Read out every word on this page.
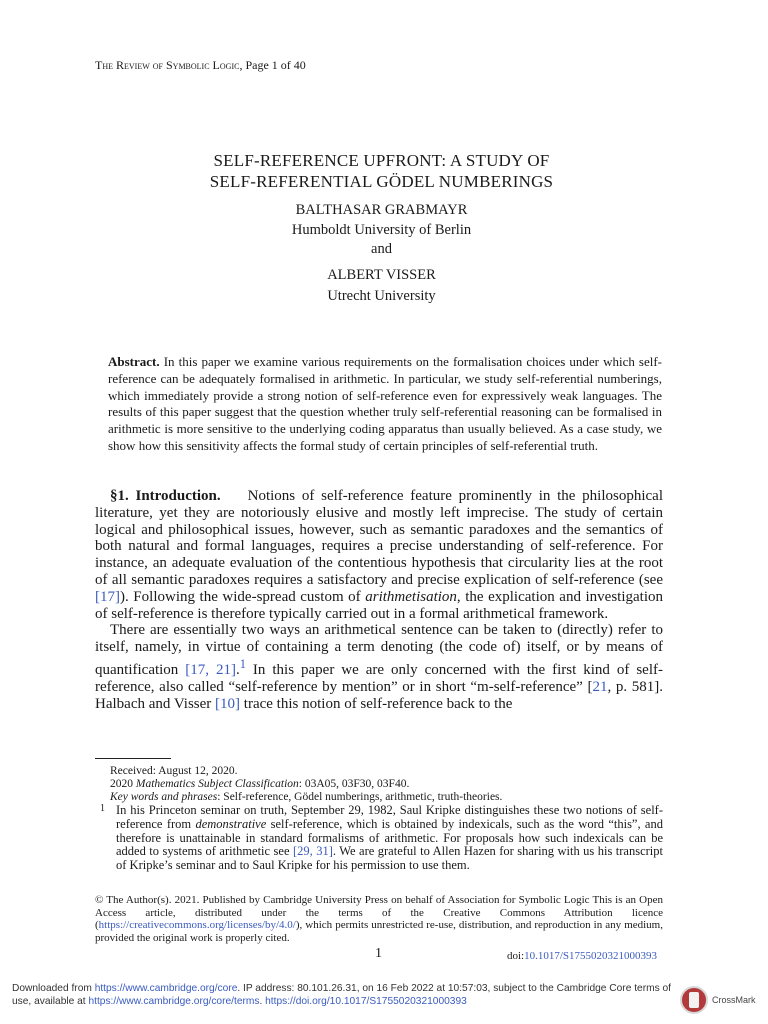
The Review of Symbolic Logic, Page 1 of 40
SELF-REFERENCE UPFRONT: A STUDY OF
SELF-REFERENTIAL GÖDEL NUMBERINGS
BALTHASAR GRABMAYR
Humboldt University of Berlin
and
ALBERT VISSER
Utrecht University
Abstract. In this paper we examine various requirements on the formalisation choices under which self-reference can be adequately formalised in arithmetic. In particular, we study self-referential numberings, which immediately provide a strong notion of self-reference even for expressively weak languages. The results of this paper suggest that the question whether truly self-referential reasoning can be formalised in arithmetic is more sensitive to the underlying coding apparatus than usually believed. As a case study, we show how this sensitivity affects the formal study of certain principles of self-referential truth.

§1. Introduction. Notions of self-reference feature prominently in the philosophical literature, yet they are notoriously elusive and mostly left imprecise. The study of certain logical and philosophical issues, however, such as semantic paradoxes and the semantics of both natural and formal languages, requires a precise understanding of self-reference. For instance, an adequate evaluation of the contentious hypothesis that circularity lies at the root of all semantic paradoxes requires a satisfactory and precise explication of self-reference (see [17]). Following the wide-spread custom of arithmetisation, the explication and investigation of self-reference is therefore typically carried out in a formal arithmetical framework.

There are essentially two ways an arithmetical sentence can be taken to (directly) refer to itself, namely, in virtue of containing a term denoting (the code of) itself, or by means of quantification [17, 21].$^1$ In this paper we are only concerned with the first kind of self-reference, also called “self-reference by mention” or in short “m-self-reference” [21, p. 581]. Halbach and Visser [10] trace this notion of self-reference back to the

Received: August 12, 2020.
2020 Mathematics Subject Classification: 03A05, 03F30, 03F40.
Key words and phrases: Self-reference, Gödel numberings, arithmetic, truth-theories.
1 In his Princeton seminar on truth, September 29, 1982, Saul Kripke distinguishes these two notions of self-reference from demonstrative self-reference, which is obtained by indexicals, such as the word “this”, and therefore is unattainable in standard formalisms of arithmetic. For proposals how such indexicals can be added to systems of arithmetic see [29, 31]. We are grateful to Allen Hazen for sharing with us his transcript of Kripke’s seminar and to Saul Kripke for his permission to use them.
© The Author(s). 2021. Published by Cambridge University Press on behalf of Association for Symbolic Logic This is an Open Access article, distributed under the terms of the Creative Commons Attribution licence (https://creativecommons.org/licenses/by/4.0/), which permits unrestricted re-use, distribution, and reproduction in any medium, provided the original work is properly cited.
1	doi:10.1017/S1755020321000393
Downloaded from https://www.cambridge.org/core. IP address: 80.101.26.31, on 16 Feb 2022 at 10:57:03, subject to the Cambridge Core terms of use, available at https://www.cambridge.org/core/terms. https://doi.org/10.1017/S1755020321000393	CrossMark
